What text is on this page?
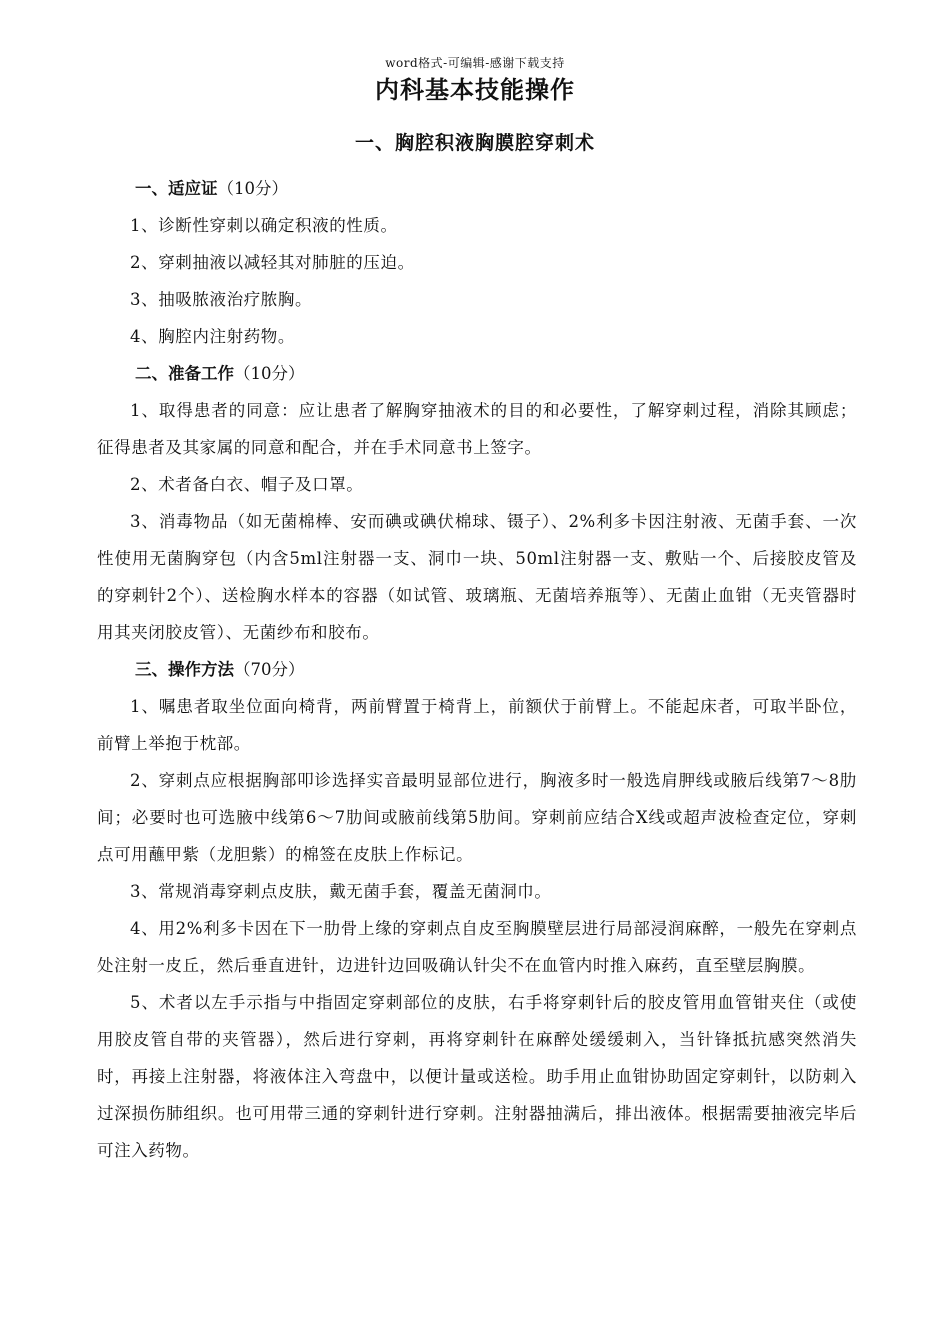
word格式-可编辑-感谢下载支持
内科基本技能操作
一、胸腔积液胸膜腔穿刺术
一、适应证（10分）

1、诊断性穿刺以确定积液的性质。

2、穿刺抽液以减轻其对肺脏的压迫。

3、抽吸脓液治疗脓胸。

4、胸腔内注射药物。

二、准备工作（10分）

1、取得患者的同意：应让患者了解胸穿抽液术的目的和必要性，了解穿刺过程，消除其顾虑；征得患者及其家属的同意和配合，并在手术同意书上签字。

2、术者备白衣、帽子及口罩。

3、消毒物品（如无菌棉棒、安而碘或碘伏棉球、镊子）、2%利多卡因注射液、无菌手套、一次性使用无菌胸穿包（内含5ml注射器一支、洞巾一块、50ml注射器一支、敷贴一个、后接胶皮管及的穿刺针2个）、送检胸水样本的容器（如试管、玻璃瓶、无菌培养瓶等）、无菌止血钳（无夹管器时用其夹闭胶皮管）、无菌纱布和胶布。

三、操作方法（70分）

1、嘱患者取坐位面向椅背，两前臂置于椅背上，前额伏于前臂上。不能起床者，可取半卧位，前臂上举抱于枕部。

2、穿刺点应根据胸部叩诊选择实音最明显部位进行，胸液多时一般选肩胛线或腋后线第7～8肋间；必要时也可选腋中线第6～7肋间或腋前线第5肋间。穿刺前应结合X线或超声波检查定位，穿刺点可用蘸甲紫（龙胆紫）的棉签在皮肤上作标记。

3、常规消毒穿刺点皮肤，戴无菌手套，覆盖无菌洞巾。

4、用2%利多卡因在下一肋骨上缘的穿刺点自皮至胸膜壁层进行局部浸润麻醉，一般先在穿刺点处注射一皮丘，然后垂直进针，边进针边回吸确认针尖不在血管内时推入麻药，直至壁层胸膜。

5、术者以左手示指与中指固定穿刺部位的皮肤，右手将穿刺针后的胶皮管用血管钳夹住（或使用胶皮管自带的夹管器），然后进行穿刺，再将穿刺针在麻醉处缓缓刺入，当针锋抵抗感突然消失时，再接上注射器，将液体注入弯盘中，以便计量或送检。助手用止血钳协助固定穿刺针，以防刺入过深损伤肺组织。也可用带三通的穿刺针进行穿刺。注射器抽满后，排出液体。根据需要抽液完毕后可注入药物。
